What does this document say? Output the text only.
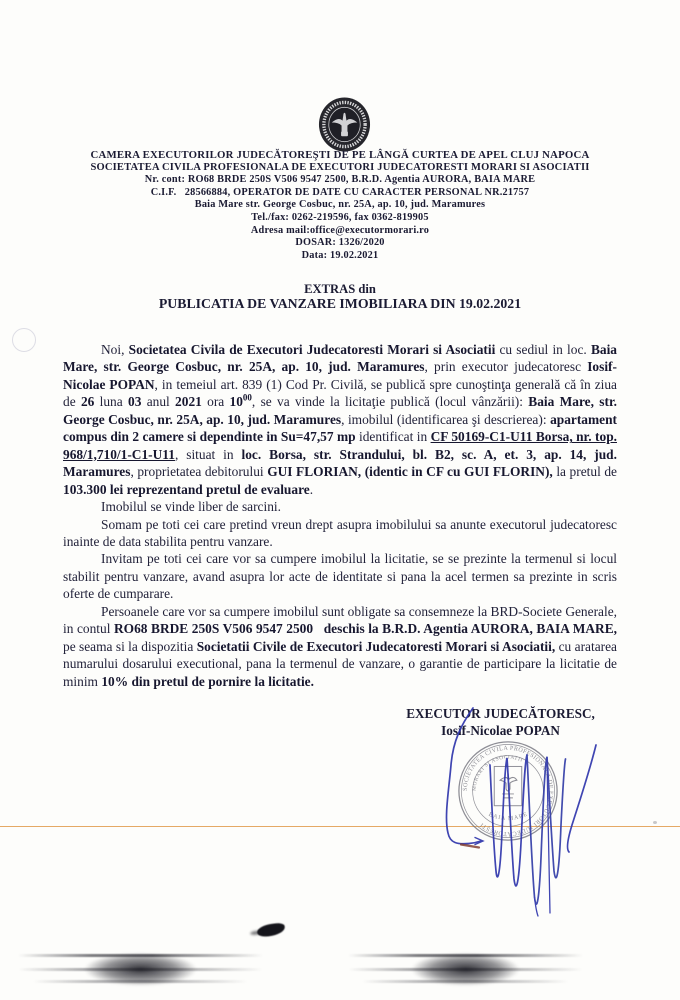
CAMERA EXECUTORILOR JUDECĂTOREŞTI DE PE LÂNGĂ CURTEA DE APEL CLUJ NAPOCA
SOCIETATEA CIVILA PROFESIONALA DE EXECUTORI JUDECATORESTI MORARI SI ASOCIATII
Nr. cont: RO68 BRDE 250S V506 9547 2500, B.R.D. Agentia AURORA, BAIA MARE
C.I.F.   28566884, OPERATOR DE DATE CU CARACTER PERSONAL NR.21757
Baia Mare str. George Cosbuc, nr. 25A, ap. 10, jud. Maramures
Tel./fax: 0262-219596, fax 0362-819905
Adresa mail:office@executormorari.ro
DOSAR: 1326/2020
Data: 19.02.2021
EXTRAS din
PUBLICATIA DE VANZARE IMOBILIARA DIN 19.02.2021

Noi, Societatea Civila de Executori Judecatoresti Morari si Asociatii cu sediul in loc. Baia Mare, str. George Cosbuc, nr. 25A, ap. 10, jud. Maramures, prin executor judecatoresc Iosif-Nicolae POPAN, in temeiul art. 839 (1) Cod Pr. Civilă, se publică spre cunoştinţa generală că în ziua de 26 luna 03 anul 2021 ora $10^{00}$, se va vinde la licitaţie publică (locul vânzării): Baia Mare, str. George Cosbuc, nr. 25A, ap. 10, jud. Maramures, imobilul (identificarea şi descrierea): apartament compus din 2 camere si dependinte in Su=47,57 mp identificat in CF 50169-C1-U11 Borsa, nr. top. 968/1,710/1-C1-U11, situat in loc. Borsa, str. Strandului, bl. B2, sc. A, et. 3, ap. 14, jud. Maramures, proprietatea debitorului GUI FLORIAN, (identic in CF cu GUI FLORIN), la pretul de 103.300 lei reprezentand pretul de evaluare.

Imobilul se vinde liber de sarcini.

Somam pe toti cei care pretind vreun drept asupra imobilului sa anunte executorul judecatoresc inainte de data stabilita pentru vanzare.

Invitam pe toti cei care vor sa cumpere imobilul la licitatie, se se prezinte la termenul si locul stabilit pentru vanzare, avand asupra lor acte de identitate si pana la acel termen sa prezinte in scris oferte de cumparare.

Persoanele care vor sa cumpere imobilul sunt obligate sa consemneze la BRD-Societe Generale, in contul RO68 BRDE 250S V506 9547 2500   deschis la B.R.D. Agentia AURORA, BAIA MARE, pe seama si la dispozitia Societatii Civile de Executori Judecatoresti Morari si Asociatii, cu aratarea numarului dosarului executional, pana la termenul de vanzare, o garantie de participare la licitatie de minim 10% din pretul de pornire la licitatie.

EXECUTOR JUDECĂTORESC,
Iosif-Nicolae POPAN
SOCIETATEA CIVILA PROFESIONALA DE EXECUTORI JUDECĂTOREŞTI
MORARI SI ASOCIATII
BAIA MARE
